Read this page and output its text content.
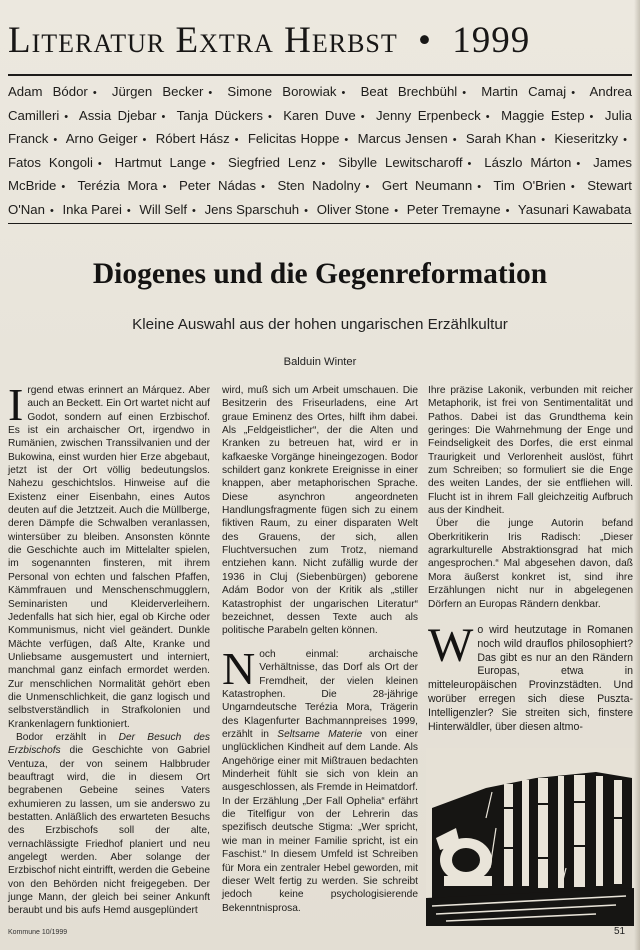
Literatur Extra Herbst • 1999
Adam Bódor • Jürgen Becker • Simone Borowiak • Beat Brechbühl • Martin Camaj • Andrea Camilleri • Assia Djebar • Tanja Dückers • Karen Duve • Jenny Erpenbeck • Maggie Estep • Julia Franck • Arno Geiger • Róbert Hász • Felicitas Hoppe • Marcus Jensen • Sarah Khan • Kieseritzky • Fatos Kongoli • Hartmut Lange • Siegfried Lenz • Sibylle Lewitscharoff • Lászlo Márton • James McBride • Terézia Mora • Peter Nádas • Sten Nadolny • Gert Neumann • Tim O'Brien • Stewart O'Nan • Inka Parei • Will Self • Jens Sparschuh • Oliver Stone • Peter Tremayne • Yasunari Kawabata
Diogenes und die Gegenreformation
Kleine Auswahl aus der hohen ungarischen Erzählkultur
Balduin Winter

Irgend etwas erinnert an Márquez. Aber auch an Beckett. Ein Ort wartet nicht auf Godot, sondern auf einen Erzbischof. Es ist ein archaischer Ort, irgendwo in Rumänien, zwischen Transsilvanien und der Bukowina, einst wurden hier Erze abgebaut, jetzt ist der Ort völlig bedeutungslos. Nahezu geschichtslos. Hinweise auf die Existenz einer Eisenbahn, eines Autos deuten auf die Jetztzeit. Auch die Müllberge, deren Dämpfe die Schwalben veranlassen, wintersüber zu bleiben. Ansonsten könnte die Geschichte auch im Mittelalter spielen, im sogenannten finsteren, mit ihrem Personal von echten und falschen Pfaffen, Kämmfrauen und Menschenschmugglern, Seminaristen und Kleiderverleihern. Jedenfalls hat sich hier, egal ob Kirche oder Kommunismus, nicht viel geändert. Dunkle Mächte verfügen, daß Alte, Kranke und Unliebsame ausgemustert und interniert, manchmal ganz einfach ermordet werden. Zur menschlichen Normalität gehört eben die Unmenschlichkeit, die ganz logisch und selbstverständlich in Strafkolonien und Krankenlagern funktioniert.

Bodor erzählt in Der Besuch des Erzbischofs die Geschichte von Gabriel Ventuza, der von seinem Halbbruder beauftragt wird, die in diesem Ort begrabenen Gebeine seines Vaters exhumieren zu lassen, um sie anderswo zu bestatten. Anläßlich des erwarteten Besuchs des Erzbischofs soll der alte, vernachlässigte Friedhof planiert und neu angelegt werden. Aber solange der Erzbischof nicht eintrifft, werden die Gebeine von den Behörden nicht freigegeben. Der junge Mann, der gleich bei seiner Ankunft beraubt und bis aufs Hemd ausgeplündert

wird, muß sich um Arbeit umschauen. Die Besitzerin des Friseurladens, eine Art graue Eminenz des Ortes, hilft ihm dabei. Als „Feldgeistlicher“, der die Alten und Kranken zu betreuen hat, wird er in kafkaeske Vorgänge hineingezogen. Bodor schildert ganz konkrete Ereignisse in einer knappen, aber metaphorischen Sprache. Diese asynchron angeordneten Handlungsfragmente fügen sich zu einem fiktiven Raum, zu einer disparaten Welt des Grauens, der sich, allen Fluchtversuchen zum Trotz, niemand entziehen kann. Nicht zufällig wurde der 1936 in Cluj (Siebenbürgen) geborene Adám Bodor von der Kritik als „stiller Katastrophist der ungarischen Literatur“ bezeichnet, dessen Texte auch als politische Parabeln gelten können.

Noch einmal: archaische Verhältnisse, das Dorf als Ort der Fremdheit, der vielen kleinen Katastrophen. Die 28-jährige Ungarndeutsche Terézia Mora, Trägerin des Klagenfurter Bachmannpreises 1999, erzählt in Seltsame Materie von einer unglücklichen Kindheit auf dem Lande. Als Angehörige einer mit Mißtrauen bedachten Minderheit fühlt sie sich von klein an ausgeschlossen, als Fremde in Heimatdorf. In der Erzählung „Der Fall Ophelia“ erfährt die Titelfigur von der Lehrerin das spezifisch deutsche Stigma: „Wer spricht, wie man in meiner Familie spricht, ist ein Faschist.“ In diesem Umfeld ist Schreiben für Mora ein zentraler Hebel geworden, mit dieser Welt fertig zu werden. Sie schreibt jedoch keine psychologisierende Bekenntnisprosa.

Ihre präzise Lakonik, verbunden mit reicher Metaphorik, ist frei von Sentimentalität und Pathos. Dabei ist das Grundthema kein geringes: Die Wahrnehmung der Enge und Feindseligkeit des Dorfes, die erst einmal Traurigkeit und Verlorenheit auslöst, führt zum Schreiben; so formuliert sie die Enge des weiten Landes, der sie entfliehen will. Flucht ist in ihrem Fall gleichzeitig Aufbruch aus der Kindheit.

Über die junge Autorin befand Oberkritikerin Iris Radisch: „Dieser agrarkulturelle Abstraktionsgrad hat mich angesprochen.“ Mal abgesehen davon, daß Mora äußerst konkret ist, sind ihre Erzählungen nicht nur in abgelegenen Dörfern an Europas Rändern denkbar.

Wo wird heutzutage in Romanen noch wild drauflos philosophiert? Das gibt es nur an den Rändern Europas, etwa in mitteleuropäischen Provinzstädten. Und worüber erregen sich diese Puszta-Intelligenzler? Sie streiten sich, finstere Hinterwäldler, über diesen altmo-

Kommune 10/1999	51
